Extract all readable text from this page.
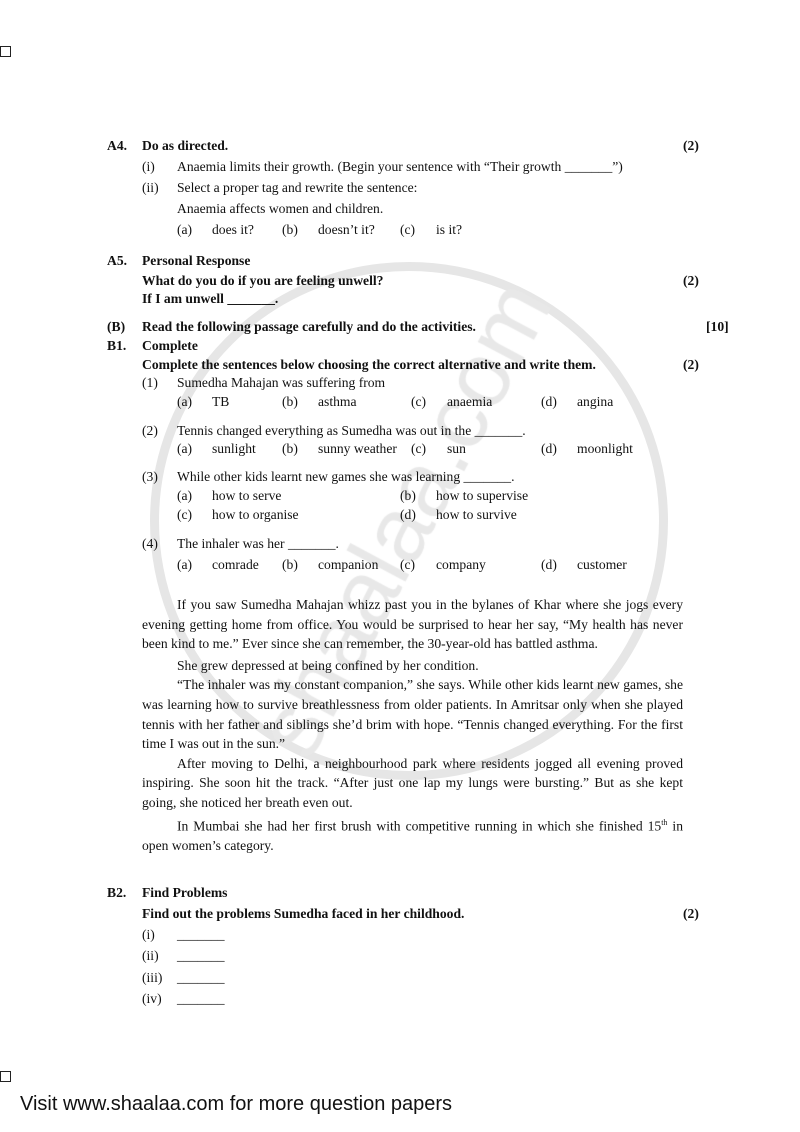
A4. Do as directed.	(2)
(i) Anaemia limits their growth. (Begin your sentence with “Their growth _______”)
(ii) Select a proper tag and rewrite the sentence:
Anaemia affects women and children.
(a) does it? (b) doesn’t it? (c) is it?
A5. Personal Response
What do you do if you are feeling unwell?	(2)
If I am unwell _______.
(B) Read the following passage carefully and do the activities.	[10]
B1. Complete
Complete the sentences below choosing the correct alternative and write them.	(2)
(1) Sumedha Mahajan was suffering from
(a) TB	(b) asthma	(c) anaemia	(d) angina
(2) Tennis changed everything as Sumedha was out in the _______.
(a) sunlight (b) sunny weather (c) sun	(d) moonlight
(3) While other kids learnt new games she was learning _______.
(a) how to serve	(b) how to supervise
(c) how to organise	(d) how to survive
(4) The inhaler was her _______.
(a) comrade (b) companion (c) company	(d) customer

If you saw Sumedha Mahajan whizz past you in the bylanes of Khar where she jogs every evening getting home from office. You would be surprised to hear her say, “My health has never been kind to me.” Ever since she can remember, the 30-year-old has battled asthma.

She grew depressed at being confined by her condition.

“The inhaler was my constant companion,” she says. While other kids learnt new games, she was learning how to survive breathlessness from older patients. In Amritsar only when she played tennis with her father and siblings she’d brim with hope. “Tennis changed everything. For the first time I was out in the sun.”

After moving to Delhi, a neighbourhood park where residents jogged all evening proved inspiring. She soon hit the track. “After just one lap my lungs were bursting.” But as she kept going, she noticed her breath even out.

In Mumbai she had her first brush with competitive running in which she finished 15th in open women’s category.

B2. Find Problems
Find out the problems Sumedha faced in her childhood.	(2)
(i) _______
(ii) _______
(iii) _______
(iv) _______
Visit www.shaalaa.com for more question papers
